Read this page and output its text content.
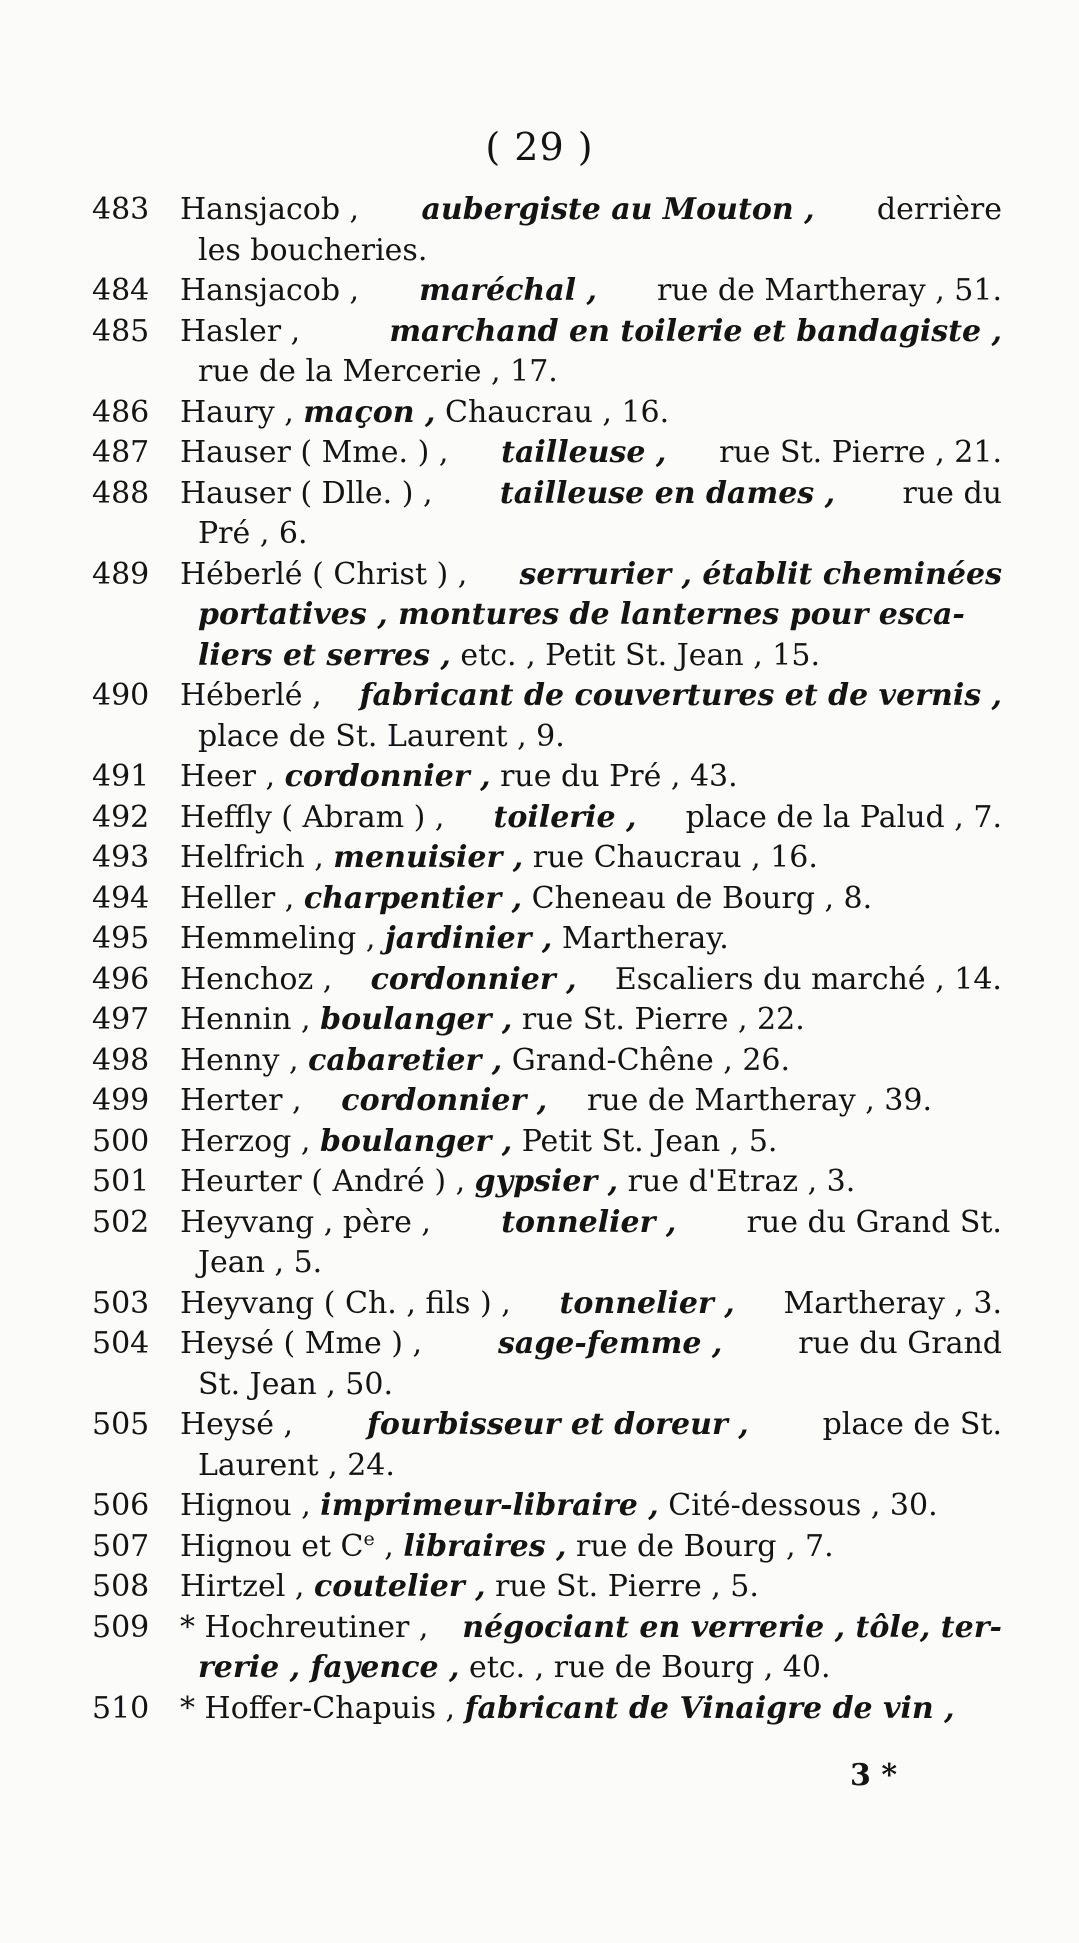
( 29 )
483	Hansjacob , aubergiste au Mouton , derrière
les boucheries.
484	Hansjacob , maréchal , rue de Martheray , 51.
485	Hasler ,	marchand en toilerie et bandagiste ,
rue de la Mercerie , 17.
486	Haury , maçon , Chaucrau , 16.
487	Hauser ( Mme. ) , tailleuse , rue St. Pierre , 21.
488	Hauser ( Dlle. ) , tailleuse en dames , rue du
Pré , 6.
489	Héberlé ( Christ ) , serrurier , établit cheminées
portatives , montures de lanternes pour esca-
liers et serres , etc. , Petit St. Jean , 15.
490	Héberlé , fabricant de couvertures et de vernis ,
place de St. Laurent , 9.
491	Heer , cordonnier , rue du Pré , 43.
492	Heffly ( Abram ) , toilerie , place de la Palud , 7.
493	Helfrich , menuisier , rue Chaucrau , 16.
494	Heller , charpentier , Cheneau de Bourg , 8.
495	Hemmeling , jardinier , Martheray.
496	Henchoz , cordonnier , Escaliers du marché , 14.
497	Hennin , boulanger , rue St. Pierre , 22.
498	Henny , cabaretier , Grand-Chêne , 26.
499	Herter , cordonnier , rue de Martheray , 39.
500	Herzog , boulanger , Petit St. Jean , 5.
501	Heurter ( André ) , gypsier , rue d'Etraz , 3.
502	Heyvang , père , tonnelier , rue du Grand St.
Jean , 5.
503	Heyvang ( Ch. , fils ) , tonnelier , Martheray , 3.
504	Heysé ( Mme ) ,	sage-femme ,	rue du Grand
St. Jean , 50.
505	Heysé , fourbisseur et doreur , place de St.
Laurent , 24.
506	Hignou , imprimeur-libraire , Cité-dessous , 30.
507	Hignou et Ce , libraires , rue de Bourg , 7.
508	Hirtzel , coutelier , rue St. Pierre , 5.
509	* Hochreutiner , négociant en verrerie , tôle, ter-
rerie , fayence , etc. , rue de Bourg , 40.
510	* Hoffer-Chapuis , fabricant de Vinaigre de vin ,
3 *
